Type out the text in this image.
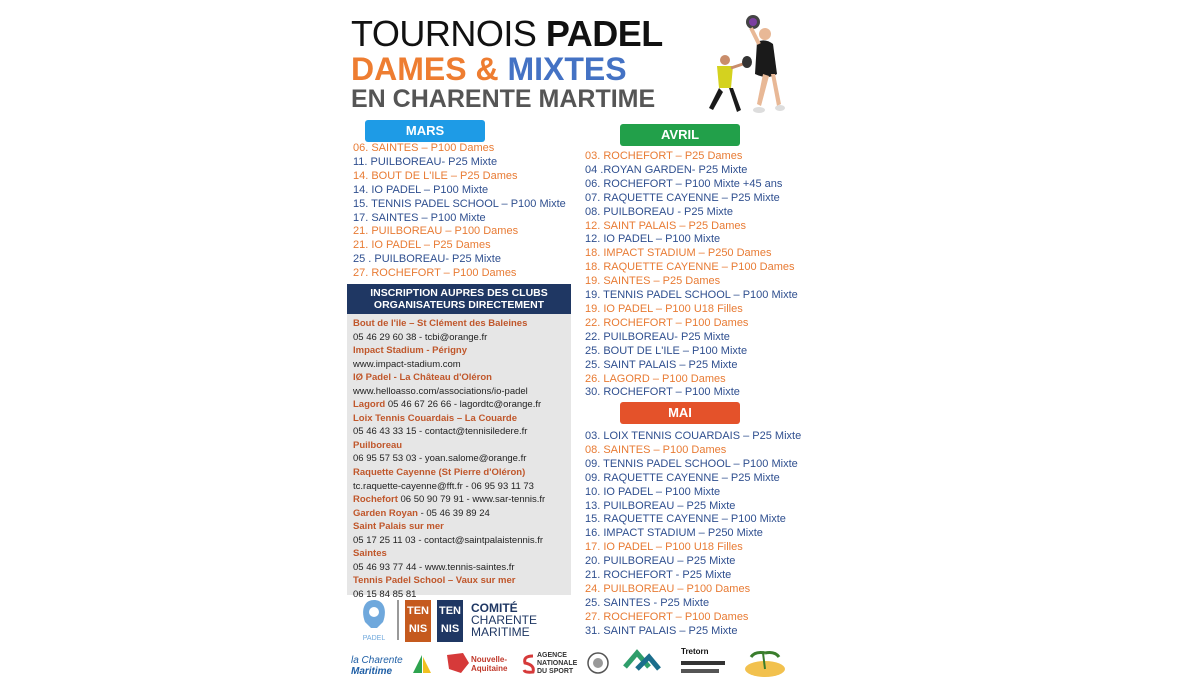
TOURNOIS PADEL
DAMES & MIXTES
EN CHARENTE MARTIME
MARS
06. SAINTES – P100 Dames
11. PUILBOREAU- P25 Mixte
14. BOUT DE L'ILE – P25 Dames
14. IO PADEL – P100 Mixte
15. TENNIS PADEL SCHOOL – P100 Mixte
17. SAINTES – P100 Mixte
21. PUILBOREAU – P100 Dames
21. IO PADEL – P25 Dames
25 . PUILBOREAU- P25 Mixte
27. ROCHEFORT – P100 Dames
INSCRIPTION AUPRES DES CLUBS
ORGANISATEURS DIRECTEMENT
Bout de l'ile – St Clément des Baleines
05 46 29 60 38 - tcbi@orange.fr
Impact Stadium - Périgny
www.impact-stadium.com
IØ Padel - La Château d'Oléron
www.helloasso.com/associations/io-padel
Lagord 05 46 67 26 66 - lagordtc@orange.fr
Loix Tennis Couardais – La Couarde
05 46 43 33 15 - contact@tennisiledere.fr
Puilboreau
06 95 57 53 03 - yoan.salome@orange.fr
Raquette Cayenne (St Pierre d'Oléron)
tc.raquette-cayenne@fft.fr - 06 95 93 11 73
Rochefort 06 50 90 79 91 - www.sar-tennis.fr
Garden Royan - 05 46 39 89 24
Saint Palais sur mer
05 17 25 11 03 - contact@saintpalaistennis.fr
Saintes
05 46 93 77 44 - www.tennis-saintes.fr
Tennis Padel School – Vaux sur mer
06 15 84 85 81
AVRIL
03. ROCHEFORT – P25 Dames
04 .ROYAN GARDEN- P25 Mixte
06. ROCHEFORT – P100 Mixte +45 ans
07. RAQUETTE CAYENNE – P25 Mixte
08. PUILBOREAU - P25 Mixte
12. SAINT PALAIS – P25 Dames
12. IO PADEL – P100 Mixte
18. IMPACT STADIUM – P250 Dames
18. RAQUETTE CAYENNE – P100 Dames
19. SAINTES – P25 Dames
19. TENNIS PADEL SCHOOL – P100 Mixte
19. IO PADEL – P100 U18 Filles
22. ROCHEFORT – P100 Dames
22. PUILBOREAU- P25 Mixte
25. BOUT DE L'ILE – P100 Mixte
25. SAINT PALAIS – P25 Mixte
26. LAGORD – P100 Dames
30. ROCHEFORT – P100 Mixte
MAI
03. LOIX TENNIS COUARDAIS – P25 Mixte
08. SAINTES – P100 Dames
09. TENNIS PADEL SCHOOL – P100 Mixte
09. RAQUETTE CAYENNE – P25 Mixte
10. IO PADEL – P100 Mixte
13. PUILBOREAU – P25 Mixte
15. RAQUETTE CAYENNE – P100 Mixte
16. IMPACT STADIUM – P250 Mixte
17. IO PADEL – P100 U18 Filles
20. PUILBOREAU – P25 Mixte
21. ROCHEFORT - P25 Mixte
24. PUILBOREAU – P100 Dames
25. SAINTES - P25 Mixte
27. ROCHEFORT – P100 Dames
31. SAINT PALAIS – P25 Mixte
PADEL
TEN
NIS
TEN
NIS
COMITÉ
CHARENTE
MARITIME
la Charente
Maritime
Nouvelle-
Aquitaine
AGENCE
NATIONALE
DU SPORT
Tretorn
